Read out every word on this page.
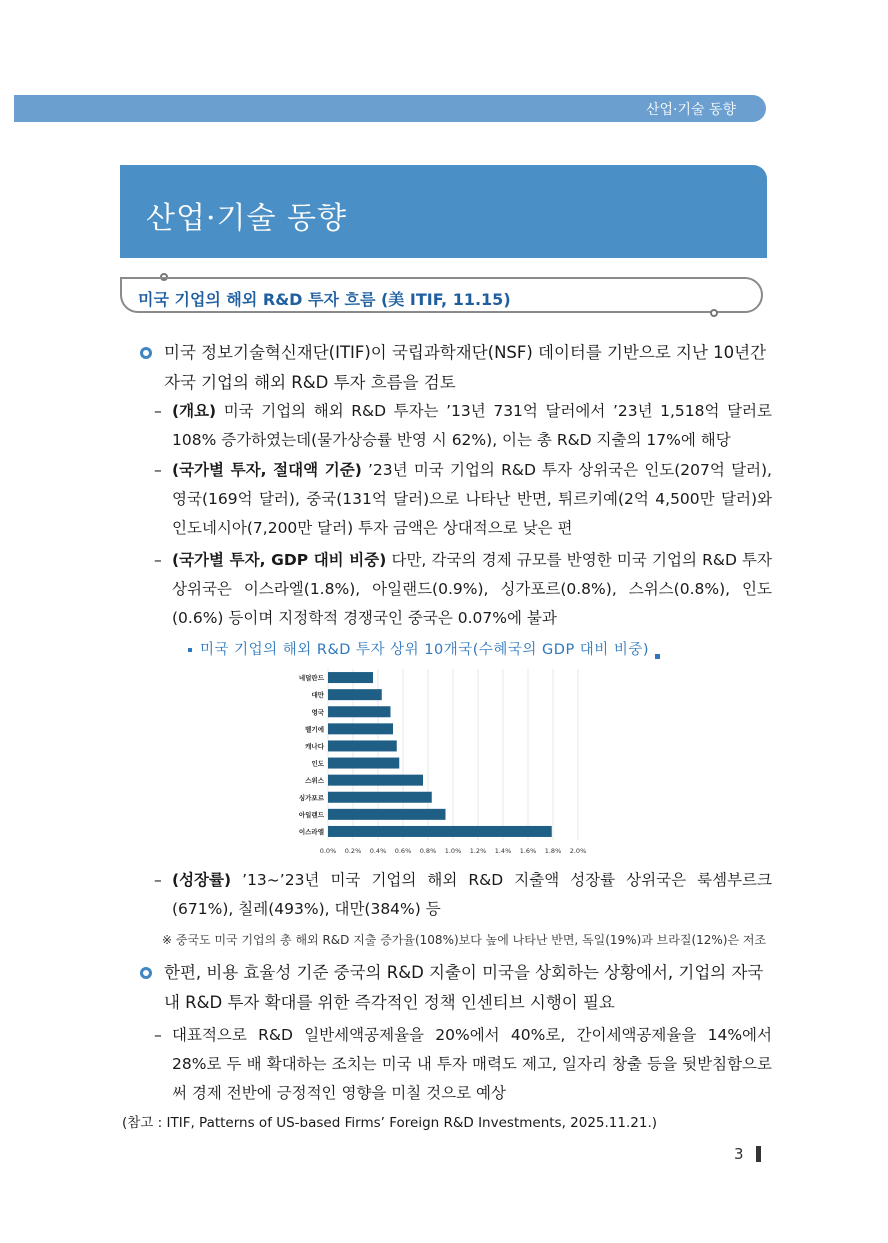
산업·기술 동향
산업·기술 동향
미국 기업의 해외 R&D 투자 흐름 (美 ITIF, 11.15)
미국 정보기술혁신재단(ITIF)이 국립과학재단(NSF) 데이터를 기반으로 지난 10년간
자국 기업의 해외 R&D 투자 흐름을 검토
– (개요) 미국 기업의 해외 R&D 투자는 ’13년 731억 달러에서 ’23년 1,518억 달러로 108% 증가하였는데(물가상승률 반영 시 62%), 이는 총 R&D 지출의 17%에 해당
– (국가별 투자, 절대액 기준) ’23년 미국 기업의 R&D 투자 상위국은 인도(207억 달러), 영국(169억 달러), 중국(131억 달러)으로 나타난 반면, 튀르키예(2억 4,500만 달러)와 인도네시아(7,200만 달러) 투자 금액은 상대적으로 낮은 편
– (국가별 투자, GDP 대비 비중) 다만, 각국의 경제 규모를 반영한 미국 기업의 R&D 투자 상위국은 이스라엘(1.8%), 아일랜드(0.9%), 싱가포르(0.8%), 스위스(0.8%), 인도(0.6%) 등이며 지정학적 경쟁국인 중국은 0.07%에 불과
미국 기업의 해외 R&D 투자 상위 10개국(수혜국의 GDP 대비 비중)
네덜란드
대만
영국
벨기에
캐나다
인도
스위스
싱가포르
아일랜드
이스라엘
0.0% 0.2% 0.4% 0.6% 0.8% 1.0% 1.2% 1.4% 1.6% 1.8% 2.0%
– (성장률) ’13~’23년 미국 기업의 해외 R&D 지출액 성장률 상위국은 룩셈부르크(671%), 칠레(493%), 대만(384%) 등
※ 중국도 미국 기업의 총 해외 R&D 지출 증가율(108%)보다 높에 나타난 반면, 독일(19%)과 브라질(12%)은 저조
한편, 비용 효율성 기준 중국의 R&D 지출이 미국을 상회하는 상황에서, 기업의 자국
내 R&D 투자 확대를 위한 즉각적인 정책 인센티브 시행이 필요
– 대표적으로 R&D 일반세액공제율을 20%에서 40%로, 간이세액공제율을 14%에서 28%로 두 배 확대하는 조치는 미국 내 투자 매력도 제고, 일자리 창출 등을 뒷받침함으로써 경제 전반에 긍정적인 영향을 미칠 것으로 예상
(참고 : ITIF, Patterns of US-based Firms’ Foreign R&D Investments, 2025.11.21.)
3
